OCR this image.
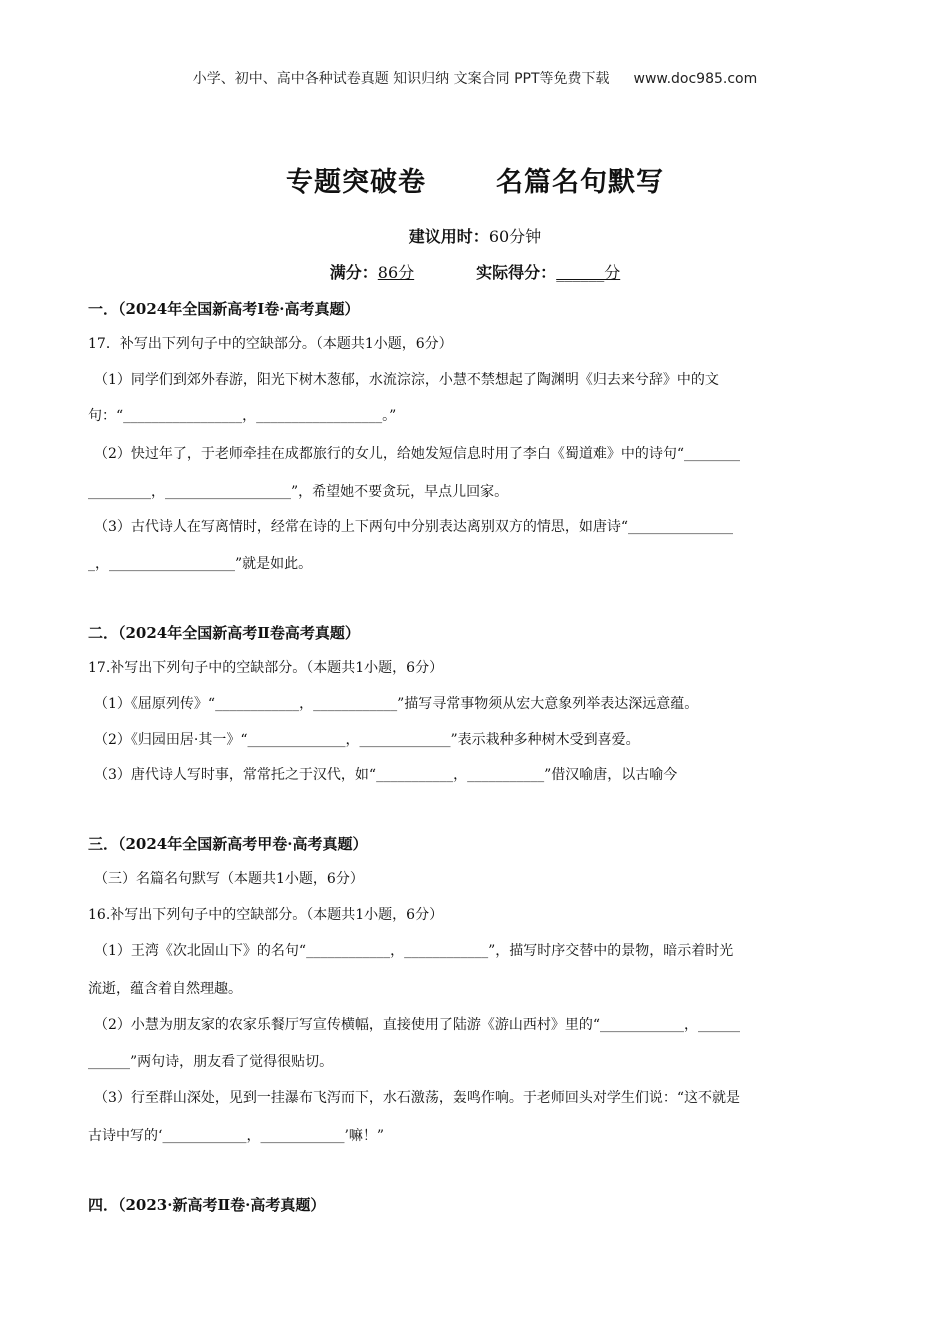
小学、初中、高中各种试卷真题 知识归纳 文案合同 PPT等免费下载 www.doc985.com
专题突破卷	名篇名句默写
建议用时：60分钟
满分：86分	实际得分：______分
一．（2024年全国新高考Ⅰ卷·高考真题）
17．补写出下列句子中的空缺部分。（本题共1小题，6分）
（1）同学们到郊外春游，阳光下树木葱郁，水流淙淙，小慧不禁想起了陶渊明《归去来兮辞》中的文
句：“_________________，__________________。”
（2）快过年了，于老师牵挂在成都旅行的女儿，给她发短信息时用了李白《蜀道难》中的诗句“________
_________，__________________”，希望她不要贪玩，早点儿回家。
（3）古代诗人在写离情时，经常在诗的上下两句中分别表达离别双方的情思，如唐诗“_______________
_，__________________”就是如此。
二．（2024年全国新高考Ⅱ卷高考真题）
17.补写出下列句子中的空缺部分。（本题共1小题，6分）
（1）《屈原列传》“____________，____________”描写寻常事物须从宏大意象列举表达深远意蕴。
（2）《归园田居·其一》“______________，_____________”表示栽种多种树木受到喜爱。
（3）唐代诗人写时事，常常托之于汉代，如“___________，___________”借汉喻唐，以古喻今
三．（2024年全国新高考甲卷·高考真题）
（三）名篇名句默写（本题共1小题，6分）
16.补写出下列句子中的空缺部分。（本题共1小题，6分）
（1）王湾《次北固山下》的名句“____________，____________”，描写时序交替中的景物，暗示着时光
流逝，蕴含着自然理趣。
（2）小慧为朋友家的农家乐餐厅写宣传横幅，直接使用了陆游《游山西村》里的“____________，______
______”两句诗，朋友看了觉得很贴切。
（3）行至群山深处，见到一挂瀑布飞泻而下，水石激荡，轰鸣作响。于老师回头对学生们说：“这不就是
古诗中写的‘____________，____________’嘛！”
四．（2023·新高考Ⅱ卷·高考真题）
